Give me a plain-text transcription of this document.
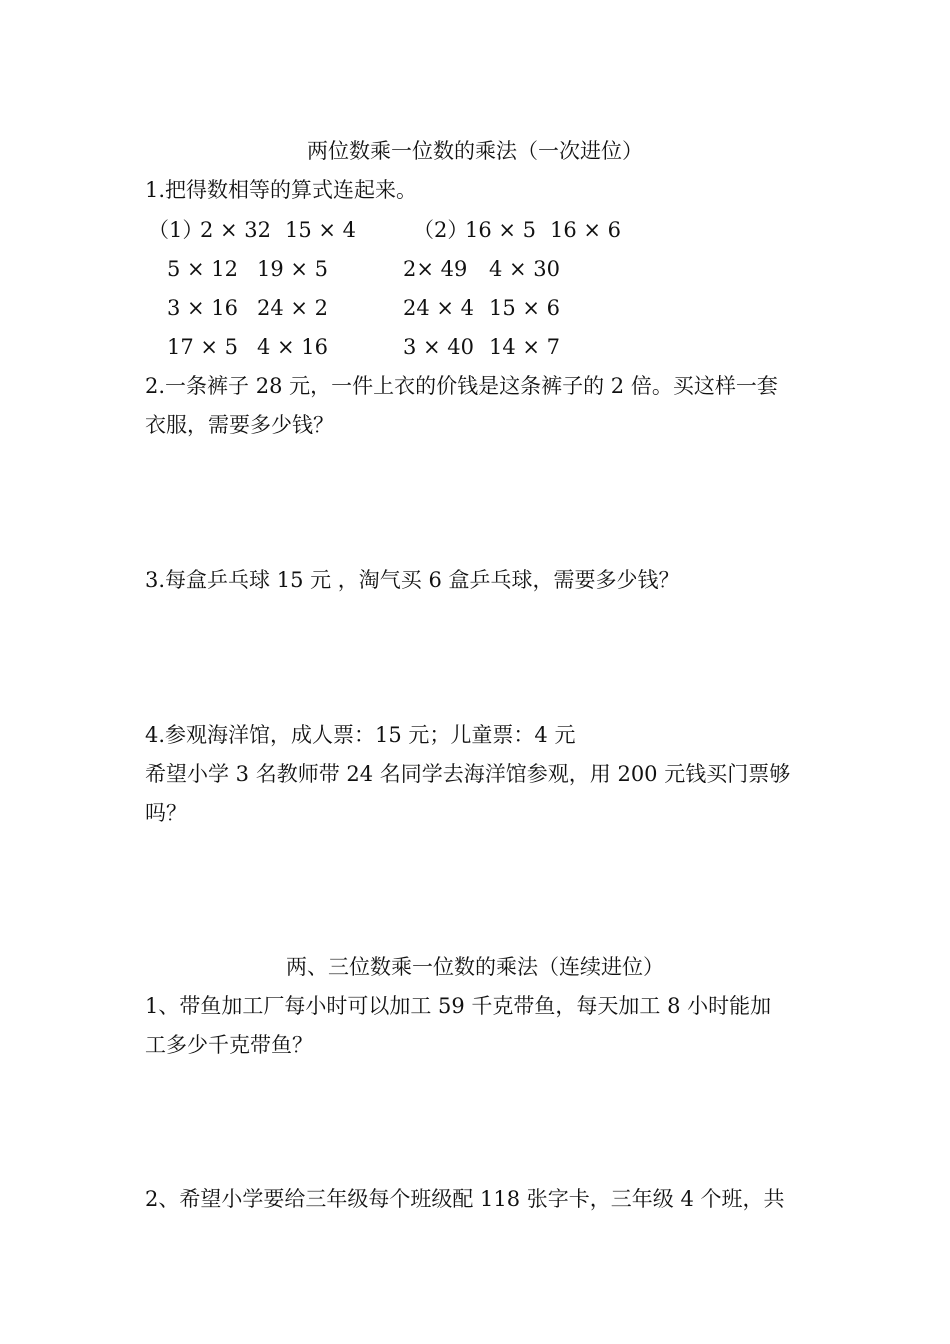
两位数乘一位数的乘法（一次进位）
1.把得数相等的算式连起来。
（1）
2 × 32 15 × 4
5 × 12 19 × 5
3 × 16 24 × 2
17 × 5 4 × 16
（2）
16 × 5 16 × 6
2× 49 4 × 30
24 × 4 15 × 6
3 × 40 14 × 7
2.一条裤子 28 元，一件上衣的价钱是这条裤子的 2 倍。买这样一套
衣服，需要多少钱？
3.每盒乒乓球 15 元 ，淘气买 6 盒乒乓球，需要多少钱？
4.参观海洋馆，成人票：15 元；儿童票：4 元
希望小学 3 名教师带 24 名同学去海洋馆参观，用 200 元钱买门票够
吗？
两、三位数乘一位数的乘法（连续进位）
1、带鱼加工厂每小时可以加工 59 千克带鱼，每天加工 8 小时能加
工多少千克带鱼？
2、希望小学要给三年级每个班级配 118 张字卡，三年级 4 个班，共
